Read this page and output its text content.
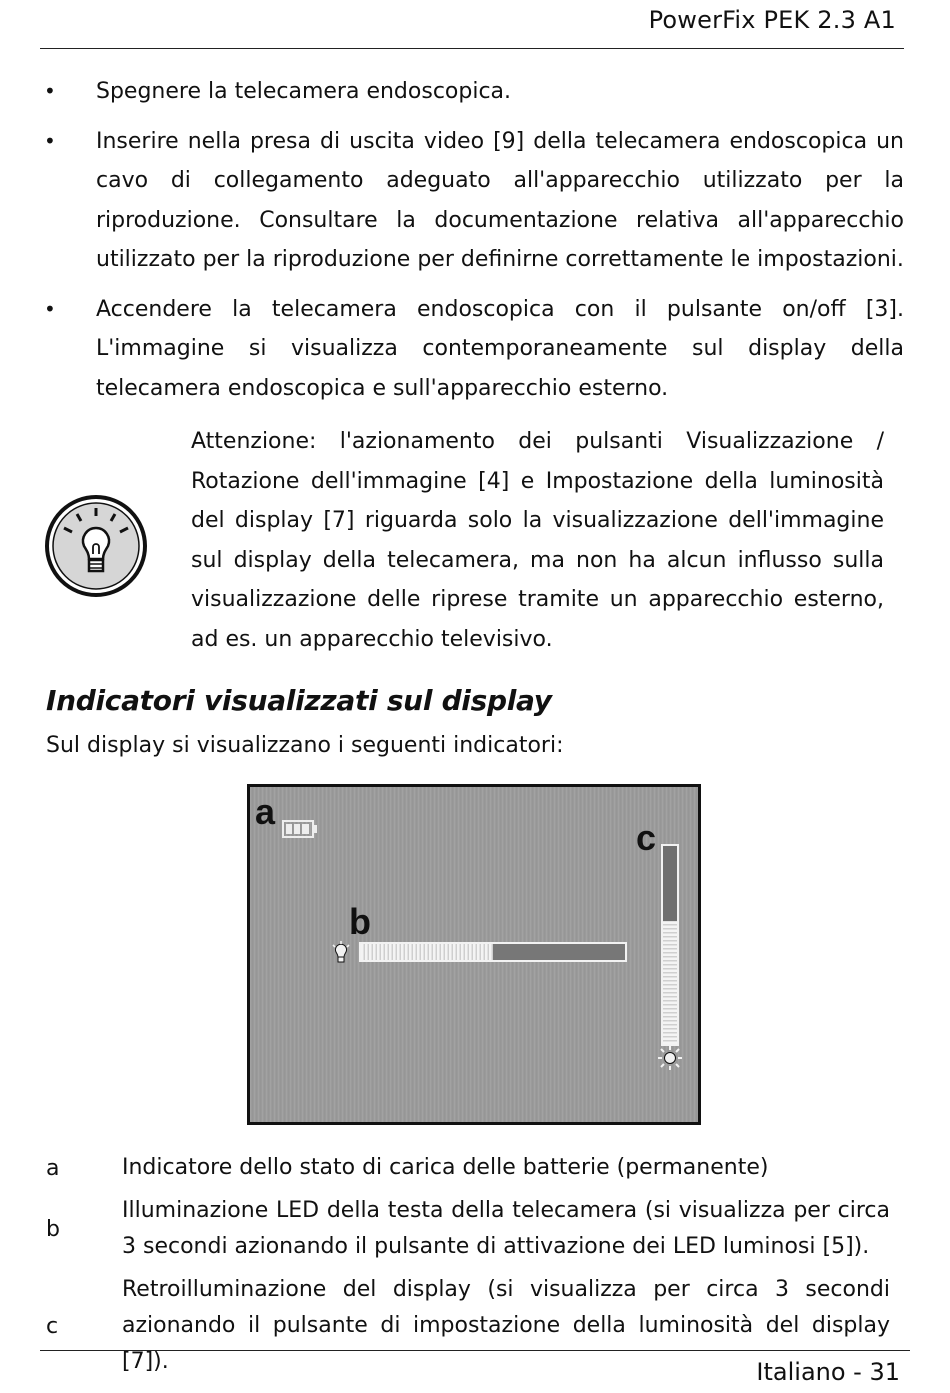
PowerFix PEK 2.3 A1
• Spegnere la telecamera endoscopica.
• Inserire nella presa di uscita video [9] della telecamera endoscopica un cavo di collegamento adeguato all'apparecchio utilizzato per la riproduzione. Consultare la documentazione relativa all'apparecchio utilizzato per la riproduzione per definirne correttamente le impostazioni.
• Accendere la telecamera endoscopica con il pulsante on/off [3]. L'immagine si visualizza contemporaneamente sul display della telecamera endoscopica e sull'apparecchio esterno.
Attenzione: l'azionamento dei pulsanti Visualizzazione / Rotazione dell'immagine [4] e Impostazione della luminosità del display [7] riguarda solo la visualizzazione dell'immagine sul display della telecamera, ma non ha alcun influsso sulla visualizzazione delle riprese tramite un apparecchio esterno, ad es. un apparecchio televisivo.
Indicatori visualizzati sul display
Sul display si visualizzano i seguenti indicatori:
a
b
c
a	Indicatore dello stato di carica delle batterie (permanente)
b
Illuminazione LED della testa della telecamera (si visualizza per circa 3 secondi azionando il pulsante di attivazione dei LED luminosi [5]).
c
Retroilluminazione del display (si visualizza per circa 3 secondi azionando il pulsante di impostazione della luminosità del display [7]).	Italiano - 31
